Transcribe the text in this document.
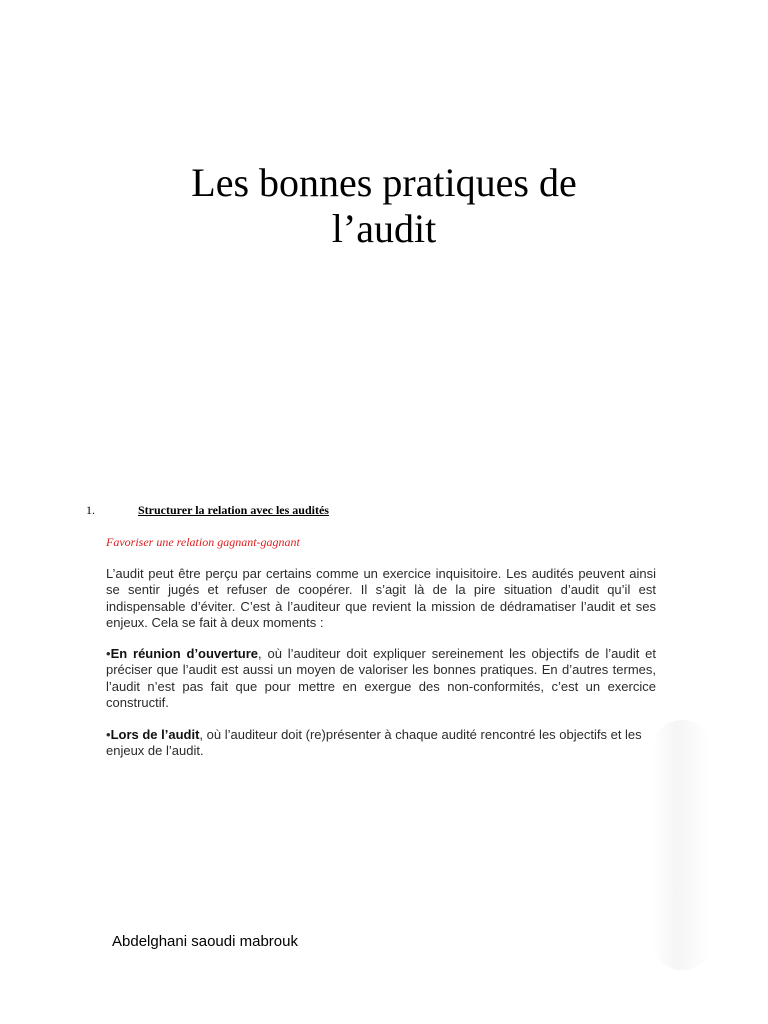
Les bonnes pratiques de
l’audit
1.	Structurer la relation avec les audités
Favoriser une relation gagnant-gagnant

L’audit peut être perçu par certains comme un exercice inquisitoire. Les audités peuvent ainsi se sentir jugés et refuser de coopérer. Il s’agit là de la pire situation d’audit qu’il est indispensable d’éviter. C’est à l’auditeur que revient la mission de dédramatiser l’audit et ses enjeux. Cela se fait à deux moments :

•En réunion d’ouverture, où l’auditeur doit expliquer sereinement les objectifs de l’audit et préciser que l’audit est aussi un moyen de valoriser les bonnes pratiques. En d’autres termes, l’audit n’est pas fait que pour mettre en exergue des non-conformités, c’est un exercice constructif.

•Lors de l’audit, où l’auditeur doit (re)présenter à chaque audité rencontré les objectifs et les enjeux de l’audit.

Abdelghani saoudi mabrouk
